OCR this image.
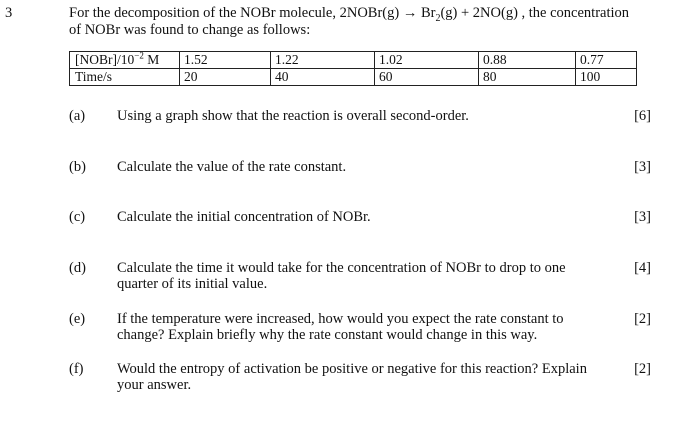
3	For the decomposition of the NOBr molecule, 2NOBr(g) → $Br_2(g) + 2NO(g)$ , the concentration
of NOBr was found to change as follows:
$[NOBr]/10^{-2}$ M	1.52	1.22	1.02	0.88	0.77
Time/s	20	40	60	80	100
(a) Using a graph show that the reaction is overall second-order.	[6]
(b) Calculate the value of the rate constant.	[3]
(c) Calculate the initial concentration of NOBr.	[3]
(d) Calculate the time it would take for the concentration of NOBr to drop to one quarter of its initial value.
[4]
(e) If the temperature were increased, how would you expect the rate constant to change? Explain briefly why the rate constant would change in this way.
[2]
(f) Would the entropy of activation be positive or negative for this reaction? Explain your answer.
[2]
